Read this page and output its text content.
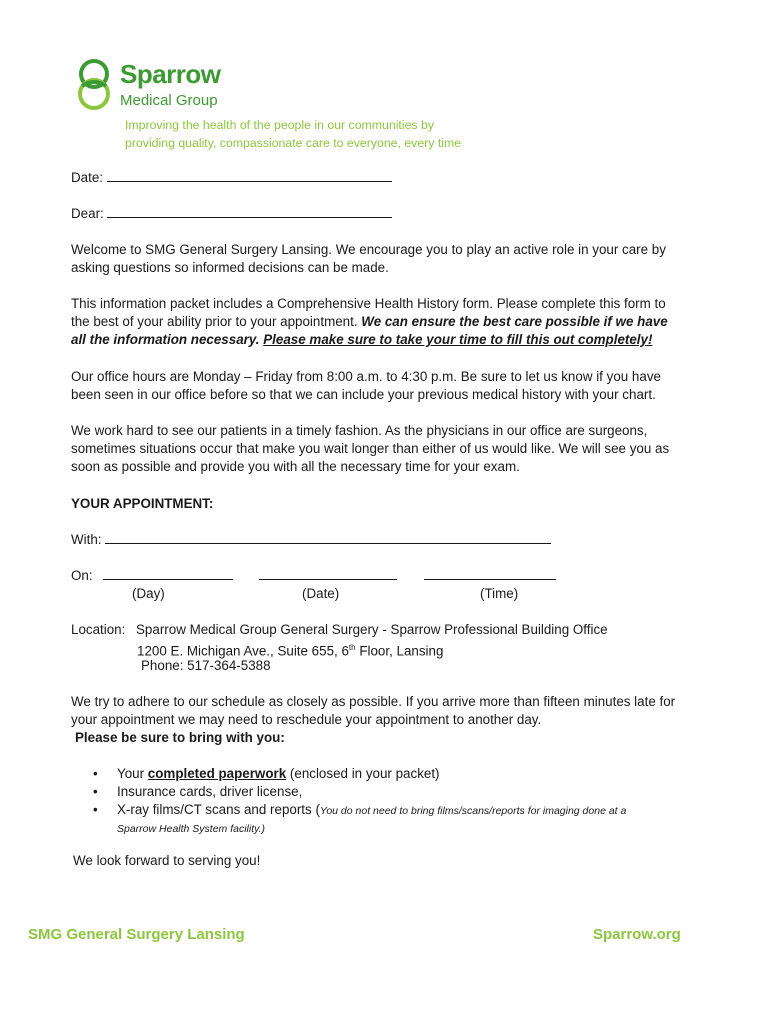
Sparrow
Medical Group
Improving the health of the people in our communities by
providing quality, compassionate care to everyone, every time
Date:
Dear:

Welcome to SMG General Surgery Lansing. We encourage you to play an active role in your care by

asking questions so informed decisions can be made.

This information packet includes a Comprehensive Health History form. Please complete this form to

the best of your ability prior to your appointment. We can ensure the best care possible if we have

all the information necessary. Please make sure to take your time to fill this out completely!

Our office hours are Monday – Friday from 8:00 a.m. to 4:30 p.m. Be sure to let us know if you have

been seen in our office before so that we can include your previous medical history with your chart.

We work hard to see our patients in a timely fashion. As the physicians in our office are surgeons,

sometimes situations occur that make you wait longer than either of us would like. We will see you as

soon as possible and provide you with all the necessary time for your exam.

YOUR APPOINTMENT:
With:
On:
(Day)	(Date)	(Time)
Location: Sparrow Medical Group General Surgery - Sparrow Professional Building Office
1200 E. Michigan Ave., Suite 655, 6th Floor, Lansing
Phone: 517-364-5388

We try to adhere to our schedule as closely as possible. If you arrive more than fifteen minutes late for

your appointment we may need to reschedule your appointment to another day.

Please be sure to bring with you:

• Your completed paperwork (enclosed in your packet)
• Insurance cards, driver license,
• X-ray films/CT scans and reports (You do not need to bring films/scans/reports for imaging done at a
Sparrow Health System facility.)
We look forward to serving you!
SMG General Surgery Lansing	Sparrow.org
